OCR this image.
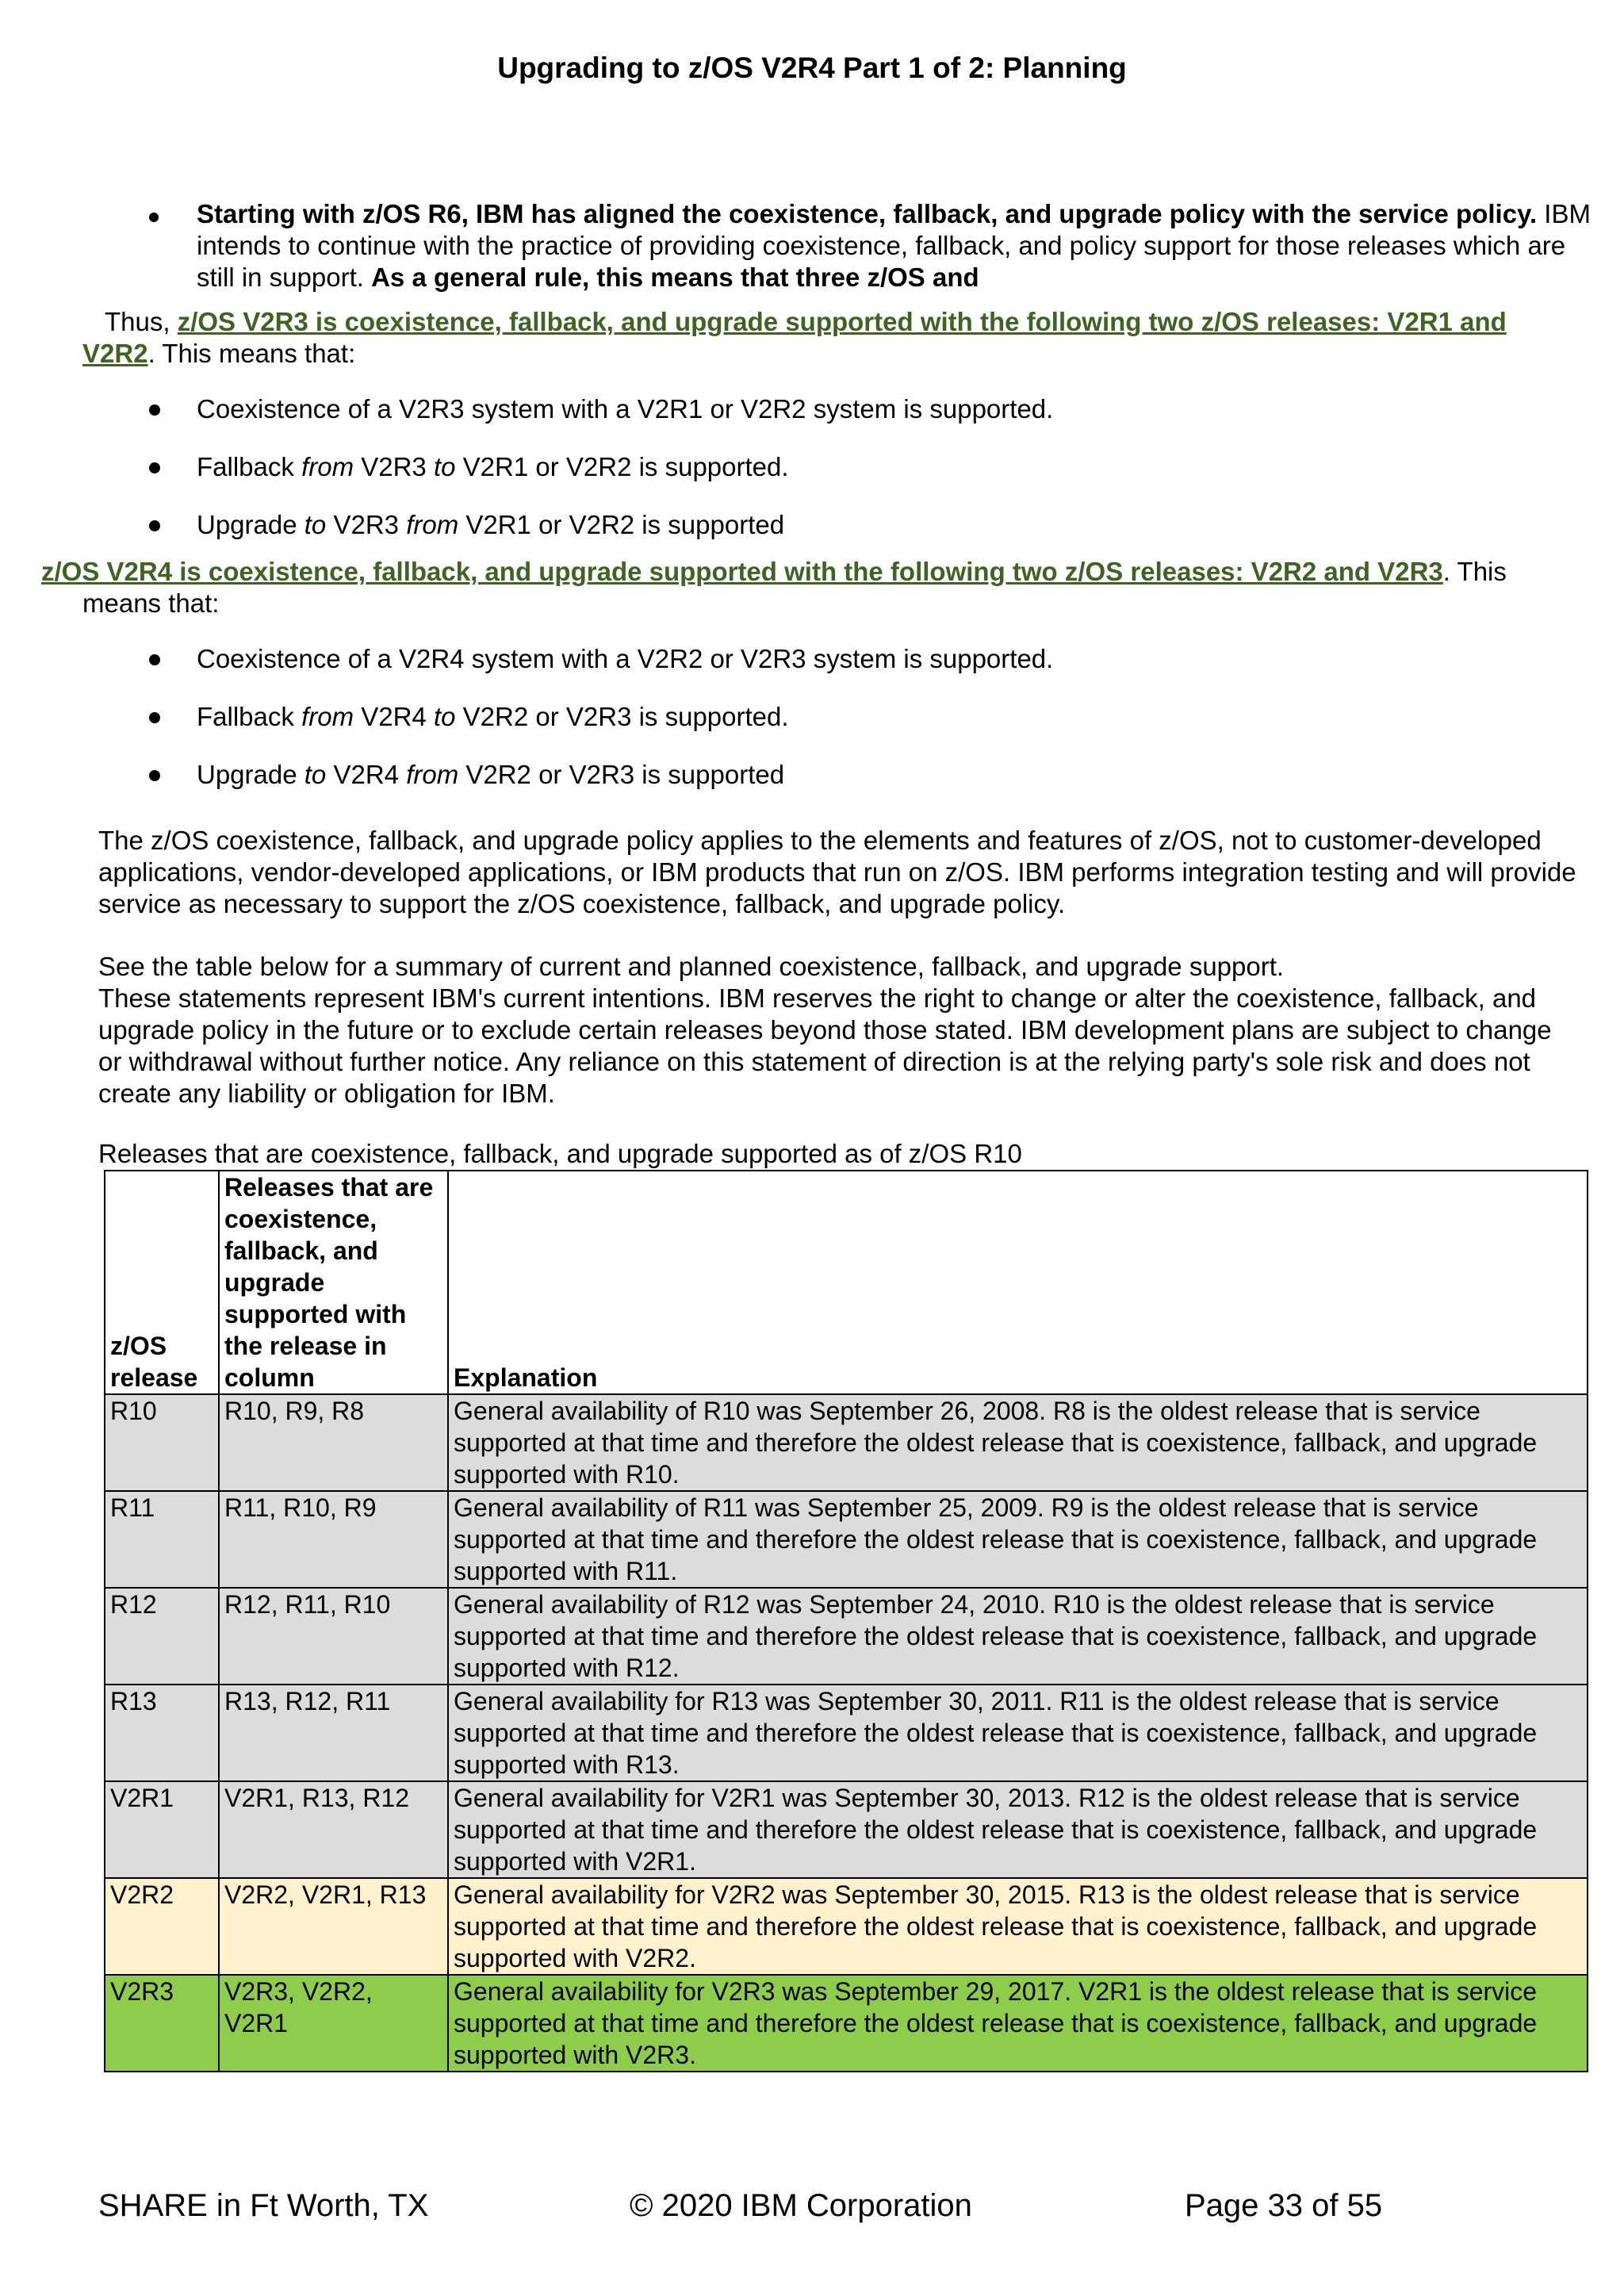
Upgrading to z/OS V2R4 Part 1 of 2: Planning
Starting with z/OS R6, IBM has aligned the coexistence, fallback, and upgrade policy with the service policy. IBM intends to continue with the practice of providing coexistence, fallback, and policy support for those releases which are still in support. As a general rule, this means that three z/OS and
Thus, z/OS V2R3 is coexistence, fallback, and upgrade supported with the following two z/OS releases: V2R1 and V2R2. This means that:
Coexistence of a V2R3 system with a V2R1 or V2R2 system is supported.
Fallback from V2R3 to V2R1 or V2R2 is supported.
Upgrade to V2R3 from V2R1 or V2R2 is supported
z/OS V2R4 is coexistence, fallback, and upgrade supported with the following two z/OS releases: V2R2 and V2R3. This means that:
Coexistence of a V2R4 system with a V2R2 or V2R3 system is supported.
Fallback from V2R4 to V2R2 or V2R3 is supported.
Upgrade to V2R4 from V2R2 or V2R3 is supported
The z/OS coexistence, fallback, and upgrade policy applies to the elements and features of z/OS, not to customer-developed applications, vendor-developed applications, or IBM products that run on z/OS. IBM performs integration testing and will provide service as necessary to support the z/OS coexistence, fallback, and upgrade policy.
See the table below for a summary of current and planned coexistence, fallback, and upgrade support.
These statements represent IBM's current intentions. IBM reserves the right to change or alter the coexistence, fallback, and upgrade policy in the future or to exclude certain releases beyond those stated. IBM development plans are subject to change or withdrawal without further notice. Any reliance on this statement of direction is at the relying party's sole risk and does not create any liability or obligation for IBM.
Releases that are coexistence, fallback, and upgrade supported as of z/OS R10
z/OS release	Releases that are coexistence, fallback, and upgrade supported with the release in column	Explanation
R10	R10, R9, R8	General availability of R10 was September 26, 2008. R8 is the oldest release that is service supported at that time and therefore the oldest release that is coexistence, fallback, and upgrade supported with R10.
R11	R11, R10, R9	General availability of R11 was September 25, 2009. R9 is the oldest release that is service supported at that time and therefore the oldest release that is coexistence, fallback, and upgrade supported with R11.
R12	R12, R11, R10	General availability of R12 was September 24, 2010. R10 is the oldest release that is service supported at that time and therefore the oldest release that is coexistence, fallback, and upgrade supported with R12.
R13	R13, R12, R11	General availability for R13 was September 30, 2011. R11 is the oldest release that is service supported at that time and therefore the oldest release that is coexistence, fallback, and upgrade supported with R13.
V2R1	V2R1, R13, R12	General availability for V2R1 was September 30, 2013. R12 is the oldest release that is service supported at that time and therefore the oldest release that is coexistence, fallback, and upgrade supported with V2R1.
V2R2	V2R2, V2R1, R13	General availability for V2R2 was September 30, 2015. R13 is the oldest release that is service supported at that time and therefore the oldest release that is coexistence, fallback, and upgrade supported with V2R2.
V2R3	V2R3, V2R2, V2R1	General availability for V2R3 was September 29, 2017. V2R1 is the oldest release that is service supported at that time and therefore the oldest release that is coexistence, fallback, and upgrade supported with V2R3.
SHARE in Ft Worth, TX	© 2020 IBM Corporation	Page 33 of 55
